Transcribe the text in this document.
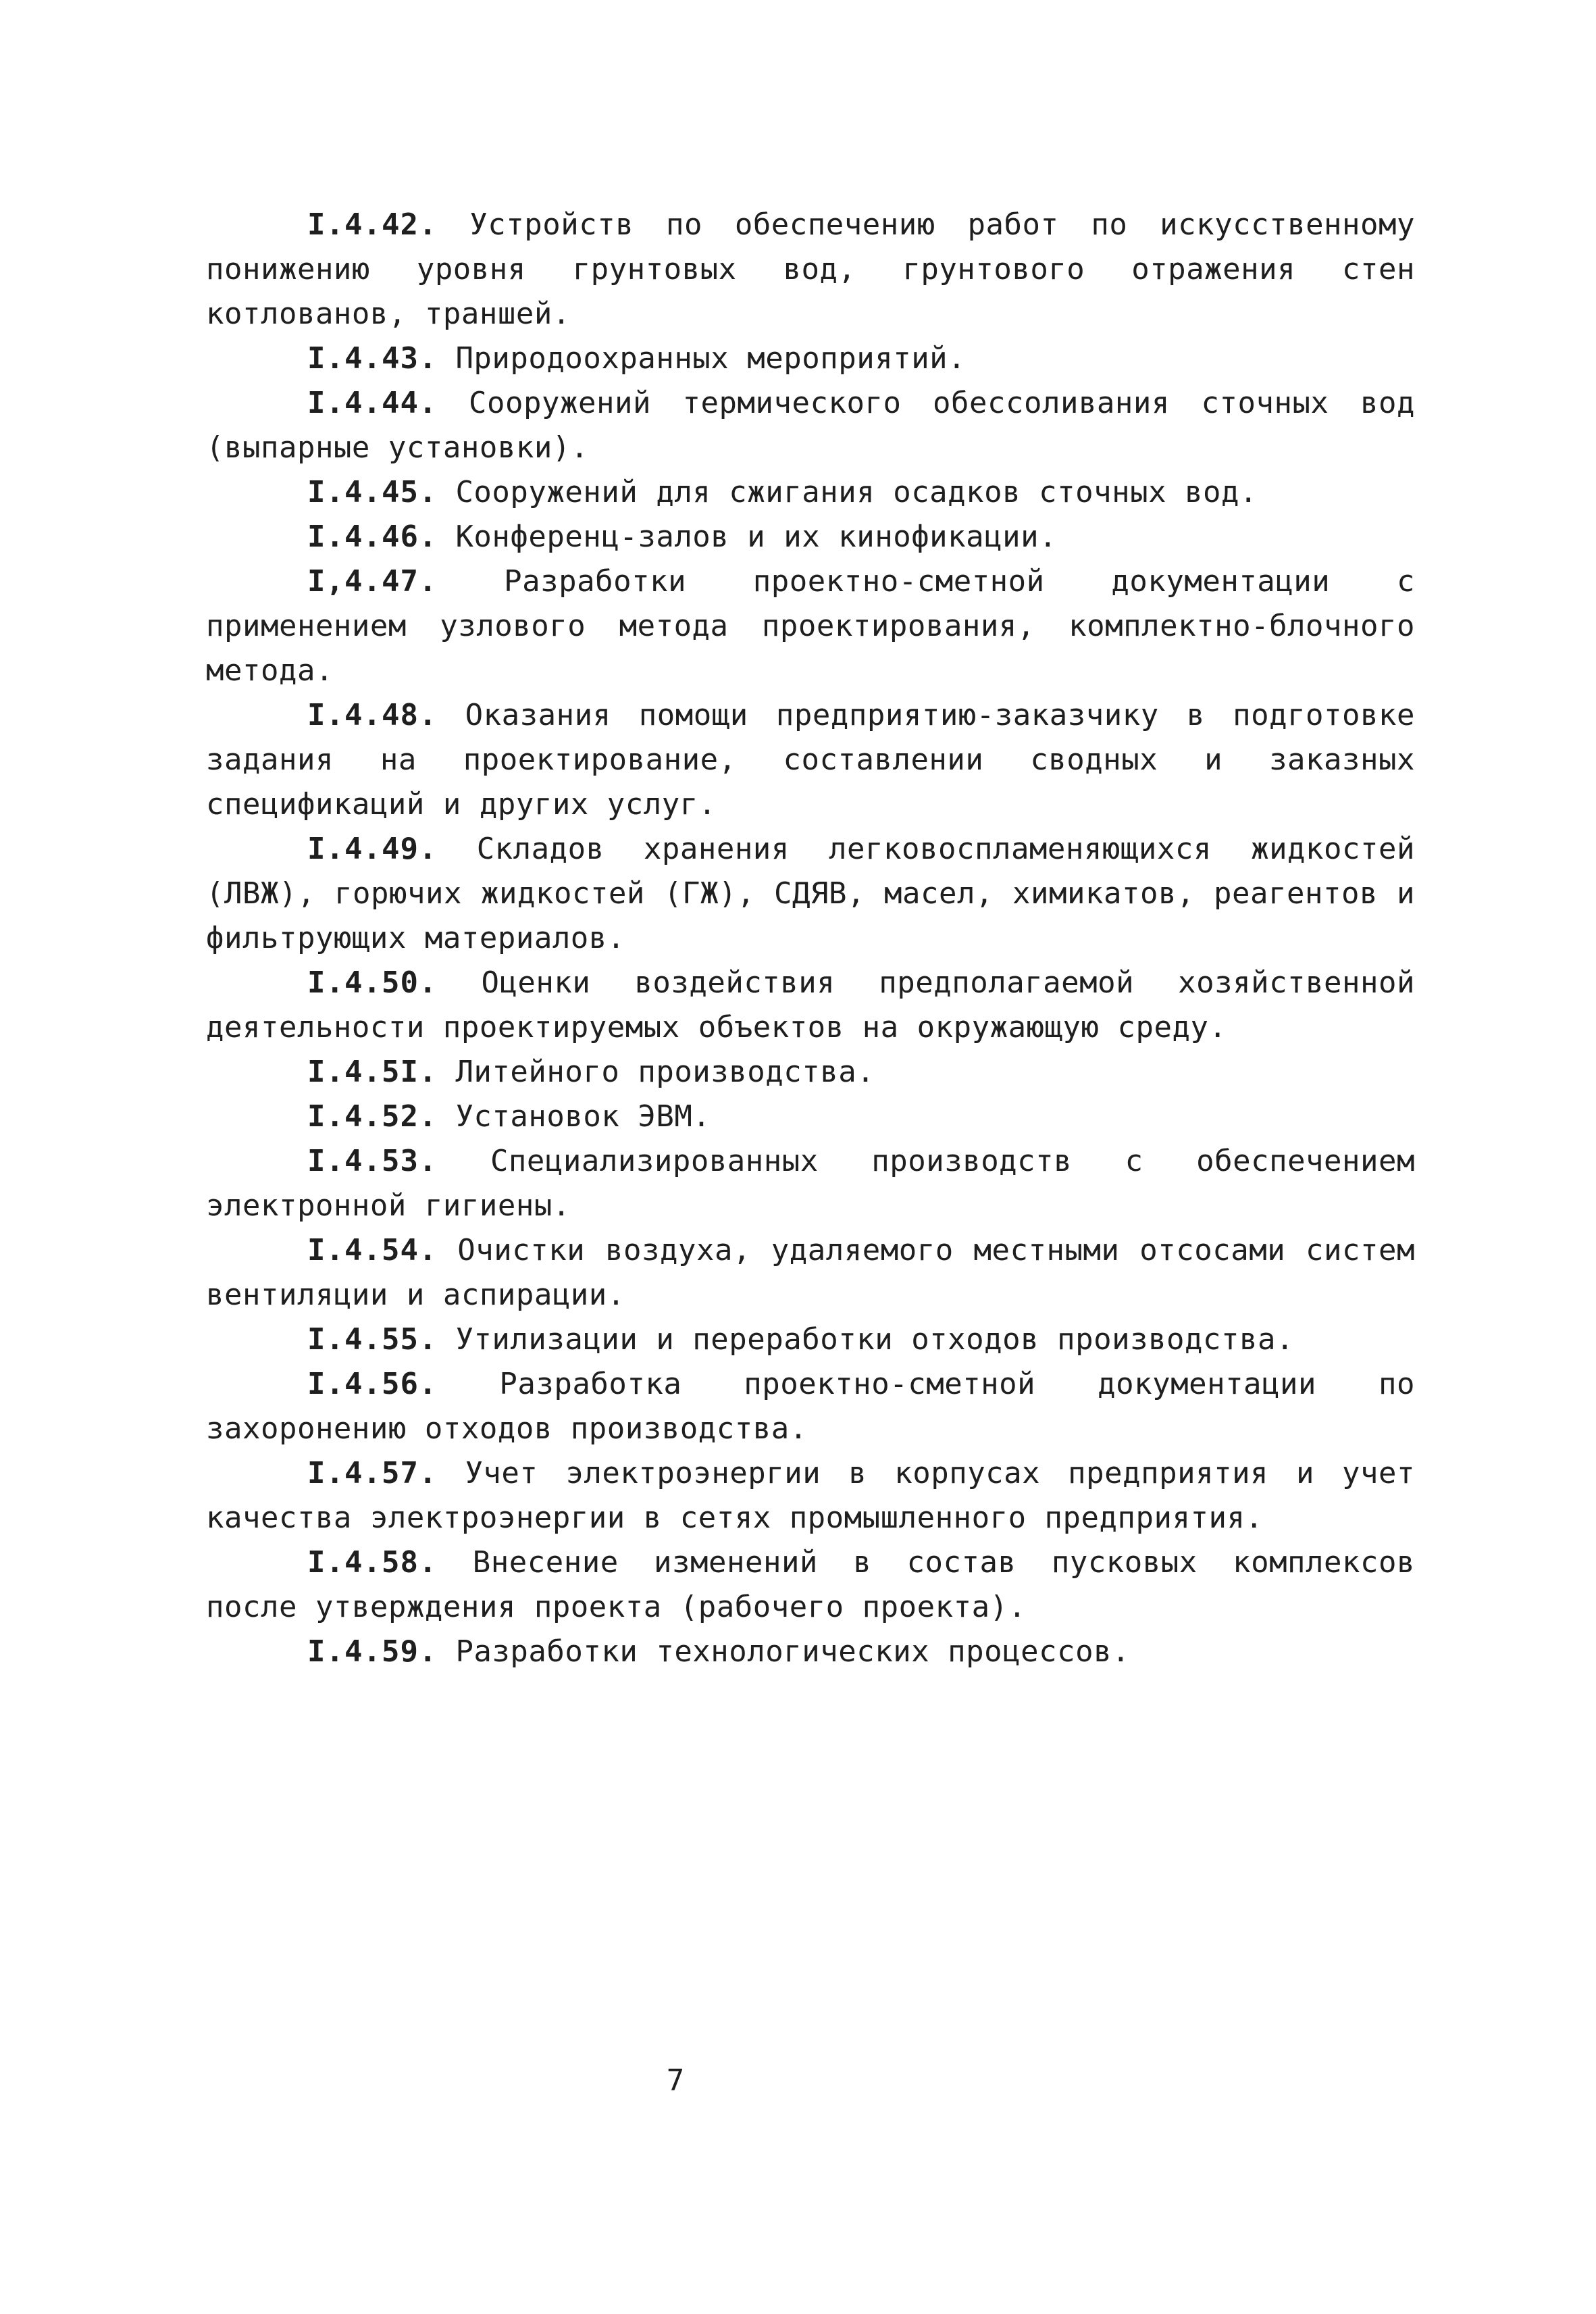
I.4.42. Устройств по обеспечению работ по искусственному понижению уровня грунтовых вод, грунтового отражения стен котлованов, траншей.

I.4.43. Природоохранных мероприятий.

I.4.44. Сооружений термического обессоливания сточных вод (выпарные установки).

I.4.45. Сооружений для сжигания осадков сточных вод.

I.4.46. Конференц-залов и их кинофикации.

I,4.47. Разработки проектно-сметной документации с применением узлового метода проектирования, комплектно-блочного метода.

I.4.48. Оказания помощи предприятию-заказчику в подготовке задания на проектирование, составлении сводных и заказных спецификаций и других услуг.

I.4.49. Складов хранения легковоспламеняющихся жидкостей (ЛВЖ), горючих жидкостей (ГЖ), СДЯВ, масел, химикатов, реагентов и фильтрующих материалов.

I.4.50. Оценки воздействия предполагаемой хозяйственной деятельности проектируемых объектов на окружающую среду.

I.4.5I. Литейного производства.

I.4.52. Установок ЭВМ.

I.4.53. Специализированных производств с обеспечением электронной гигиены.

I.4.54. Очистки воздуха, удаляемого местными отсосами систем вентиляции и аспирации.

I.4.55. Утилизации и переработки отходов производства.

I.4.56. Разработка проектно-сметной документации по захоронению отходов производства.

I.4.57. Учет электроэнергии в корпусах предприятия и учет качества электроэнергии в сетях промышленного предприятия.

I.4.58. Внесение изменений в состав пусковых комплексов после утверждения проекта (рабочего проекта).

I.4.59. Разработки технологических процессов.

7
